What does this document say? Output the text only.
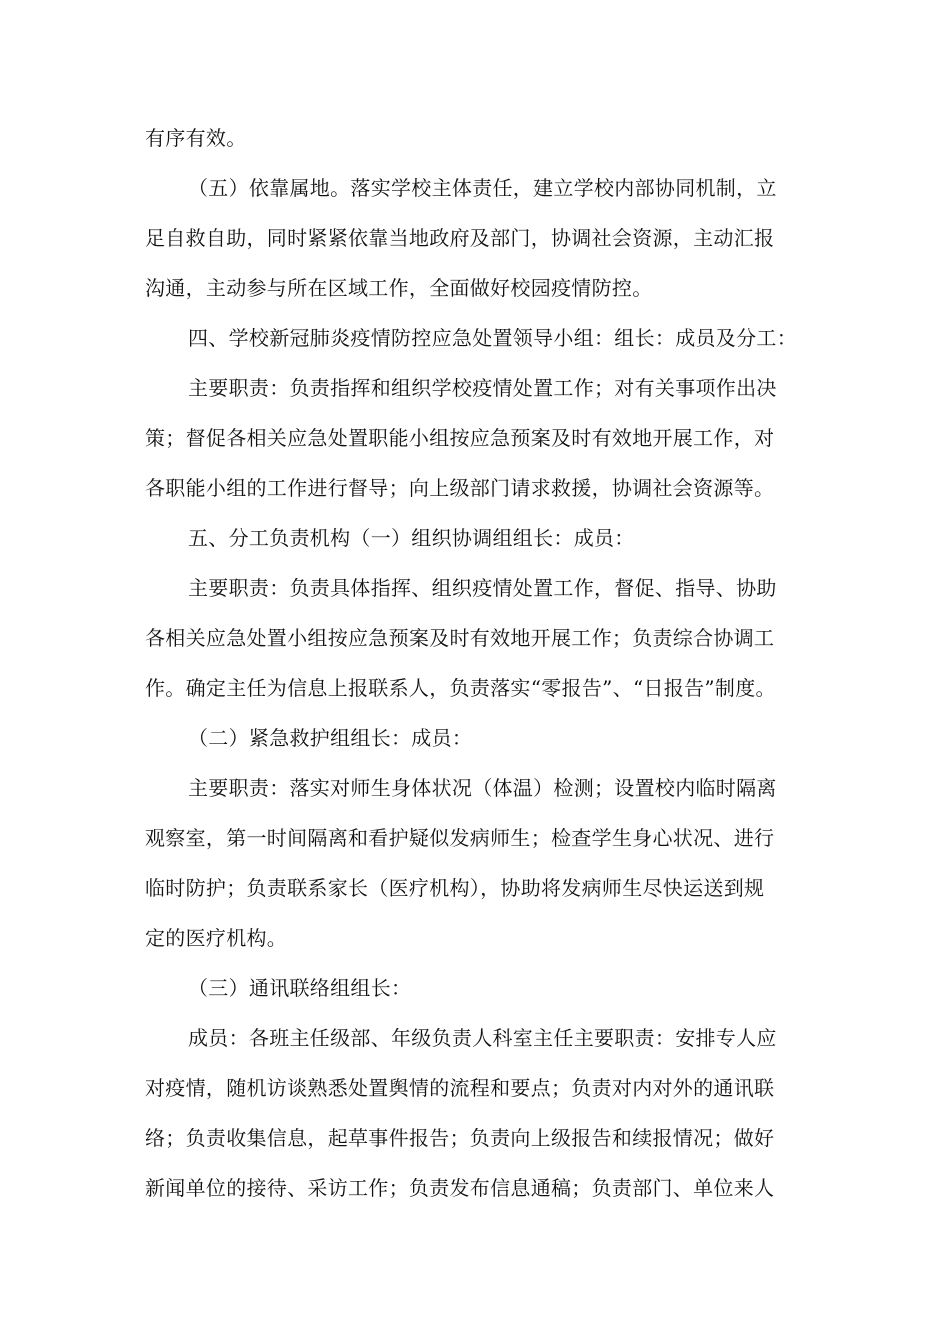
有序有效。
（五）依靠属地。落实学校主体责任，建立学校内部协同机制，立
足自救自助，同时紧紧依靠当地政府及部门，协调社会资源，主动汇报
沟通，主动参与所在区域工作，全面做好校园疫情防控。
四、学校新冠肺炎疫情防控应急处置领导小组：组长：成员及分工：
主要职责：负责指挥和组织学校疫情处置工作；对有关事项作出决
策；督促各相关应急处置职能小组按应急预案及时有效地开展工作，对
各职能小组的工作进行督导；向上级部门请求救援，协调社会资源等。
五、分工负责机构（一）组织协调组组长：成员：
主要职责：负责具体指挥、组织疫情处置工作，督促、指导、协助
各相关应急处置小组按应急预案及时有效地开展工作；负责综合协调工
作。确定主任为信息上报联系人，负责落实“零报告”、“日报告”制度。
（二）紧急救护组组长：成员：
主要职责：落实对师生身体状况（体温）检测；设置校内临时隔离
观察室，第一时间隔离和看护疑似发病师生；检查学生身心状况、进行
临时防护；负责联系家长（医疗机构），协助将发病师生尽快运送到规
定的医疗机构。
（三）通讯联络组组长：
成员：各班主任级部、年级负责人科室主任主要职责：安排专人应
对疫情，随机访谈熟悉处置舆情的流程和要点；负责对内对外的通讯联
络；负责收集信息，起草事件报告；负责向上级报告和续报情况；做好
新闻单位的接待、采访工作；负责发布信息通稿；负责部门、单位来人
